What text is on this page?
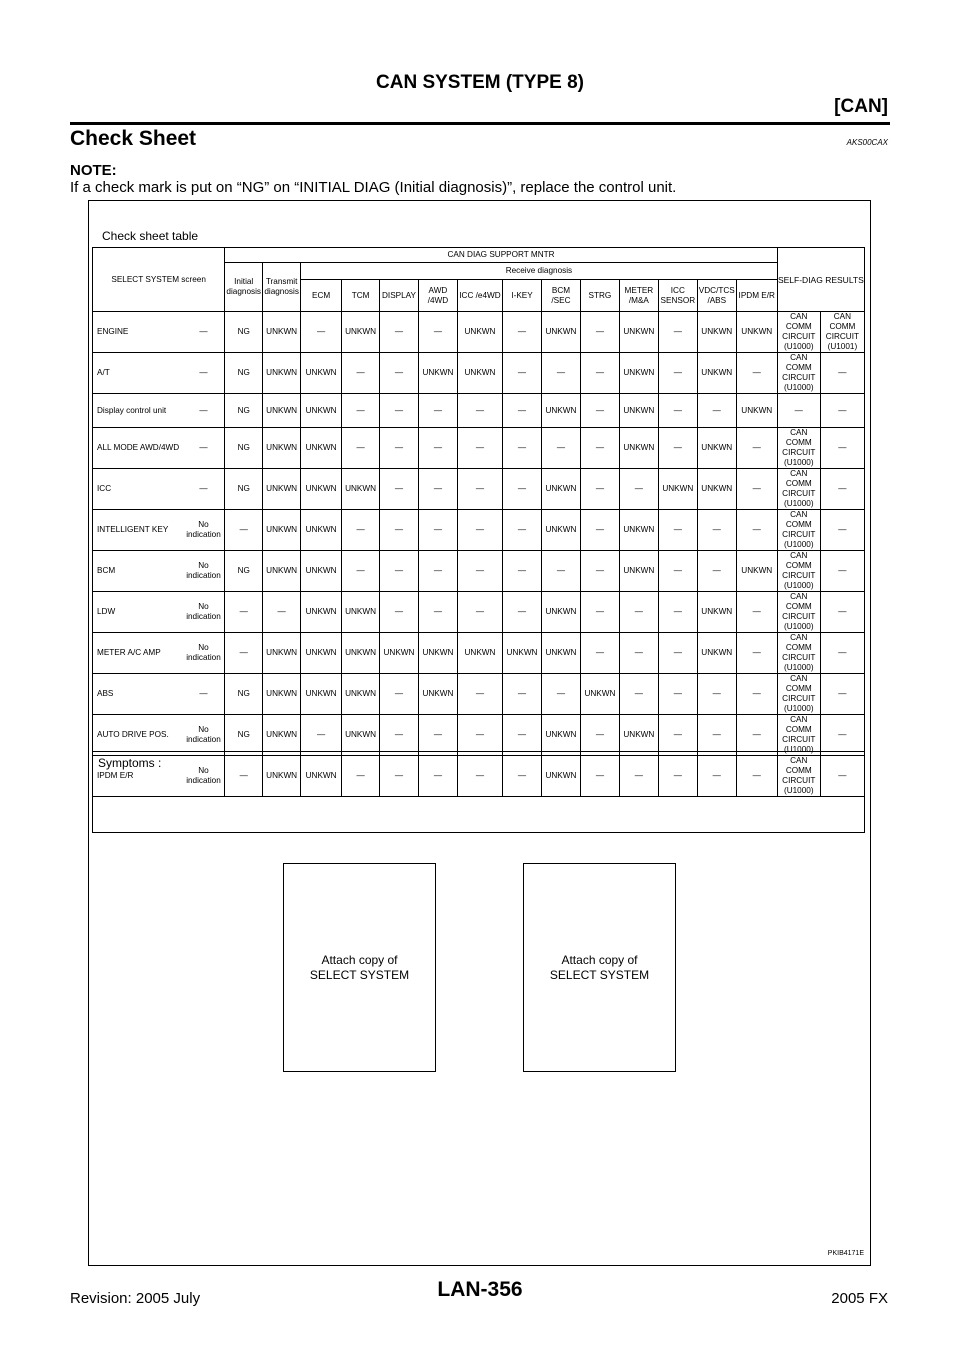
CAN SYSTEM (TYPE 8)
[CAN]
Check Sheet	AKS00CAX
NOTE:
If a check mark is put on “NG” on “INITIAL DIAG (Initial diagnosis)”, replace the control unit.
Check sheet table
SELECT SYSTEM screen		CAN DIAG SUPPORT MNTR														SELF-DIAG RESULTS	
		Initial diagnosis	Transmit diagnosis	Receive diagnosis													
				ECM	TCM	DISPLAY	AWD /4WD	ICC /e4WD	I-KEY	BCM /SEC	STRG	METER /M&A	ICC SENSOR	VDC/TCS /ABS	IPDM E/R		
ENGINE	—	NG	UNKWN	—	UNKWN	—	—	UNKWN	—	UNKWN	—	UNKWN	—	UNKWN	UNKWN	CAN COMM CIRCUIT (U1000)	CAN COMM CIRCUIT (U1001)
A/T	—	NG	UNKWN	UNKWN	—	—	UNKWN	UNKWN	—	—	—	UNKWN	—	UNKWN	—	CAN COMM CIRCUIT (U1000)	—
Display control unit	—	NG	UNKWN	UNKWN	—	—	—	—	—	UNKWN	—	UNKWN	—	—	UNKWN	—	—
ALL MODE AWD/4WD	—	NG	UNKWN	UNKWN	—	—	—	—	—	—	—	UNKWN	—	UNKWN	—	CAN COMM CIRCUIT (U1000)	—
ICC	—	NG	UNKWN	UNKWN	UNKWN	—	—	—	—	UNKWN	—	—	UNKWN	UNKWN	—	CAN COMM CIRCUIT (U1000)	—
INTELLIGENT KEY	No indication	—	UNKWN	UNKWN	—	—	—	—	—	UNKWN	—	UNKWN	—	—	—	CAN COMM CIRCUIT (U1000)	—
BCM	No indication	NG	UNKWN	UNKWN	—	—	—	—	—	—	—	UNKWN	—	—	UNKWN	CAN COMM CIRCUIT (U1000)	—
LDW	No indication	—	—	UNKWN	UNKWN	—	—	—	—	UNKWN	—	—	—	UNKWN	—	CAN COMM CIRCUIT (U1000)	—
METER A/C AMP	No indication	—	UNKWN	UNKWN	UNKWN	UNKWN	UNKWN	UNKWN	UNKWN	UNKWN	—	—	—	UNKWN	—	CAN COMM CIRCUIT (U1000)	—
ABS	—	NG	UNKWN	UNKWN	UNKWN	—	UNKWN	—	—	—	UNKWN	—	—	—	—	CAN COMM CIRCUIT (U1000)	—
AUTO DRIVE POS.	No indication	NG	UNKWN	—	UNKWN	—	—	—	—	UNKWN	—	UNKWN	—	—	—	CAN COMM CIRCUIT (U1000)	—
IPDM E/R	No indication	—	UNKWN	UNKWN	—	—	—	—	—	UNKWN	—	—	—	—	—	CAN COMM CIRCUIT (U1000)	—
Symptoms :
Attach copy of
SELECT SYSTEM
Attach copy of
SELECT SYSTEM
PKIB4171E
Revision: 2005 July	LAN-356	2005 FX
